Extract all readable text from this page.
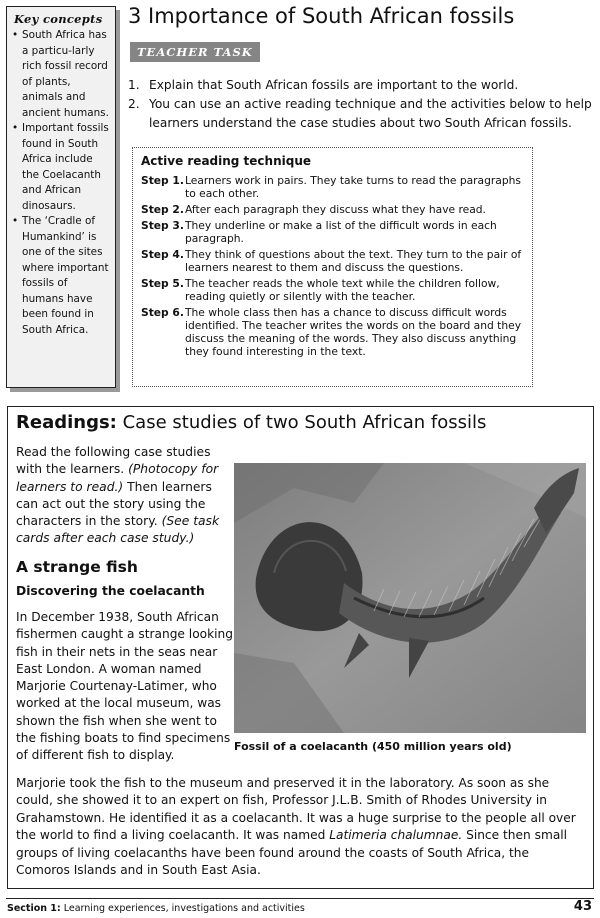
Key concepts
• South Africa has a particu-larly rich fossil record of plants, animals and ancient humans.
• Important fossils found in South Africa include the Coelacanth and African dinosaurs.
• The ‘Cradle of Humankind’ is one of the sites where important fossils of humans have been found in South Africa.
3 Importance of South African fossils
TEACHER TASK
1. Explain that South African fossils are important to the world.
2. You can use an active reading technique and the activities below to help learners understand the case studies about two South African fossils.
Active reading technique
Step 1. Learners work in pairs. They take turns to read the paragraphs to each other.
Step 2. After each paragraph they discuss what they have read.
Step 3. They underline or make a list of the difficult words in each paragraph.
Step 4. They think of questions about the text. They turn to the pair of learners nearest to them and discuss the questions.
Step 5. The teacher reads the whole text while the children follow, reading quietly or silently with the teacher.
Step 6. The whole class then has a chance to discuss difficult words identified. The teacher writes the words on the board and they discuss the meaning of the words. They also discuss anything they found interesting in the text.
Readings: Case studies of two South African fossils
Read the following case studies with the learners. (Photocopy for learners to read.) Then learners can act out the story using the characters in the story. (See task cards after each case study.)
A strange fish
Discovering the coelacanth
In December 1938, South African fishermen caught a strange looking fish in their nets in the seas near East London. A woman named Marjorie Courtenay-Latimer, who worked at the local museum, was shown the fish when she went to the fishing boats to find specimens of different fish to display.
Fossil of a coelacanth (450 million years old)
Marjorie took the fish to the museum and preserved it in the laboratory. As soon as she could, she showed it to an expert on fish, Professor J.L.B. Smith of Rhodes University in Grahamstown. He identified it as a coelacanth. It was a huge surprise to the people all over the world to find a living coelacanth. It was named Latimeria chalumnae. Since then small groups of living coelacanths have been found around the coasts of South Africa, the Comoros Islands and in South East Asia.
Section 1: Learning experiences, investigations and activities	43
